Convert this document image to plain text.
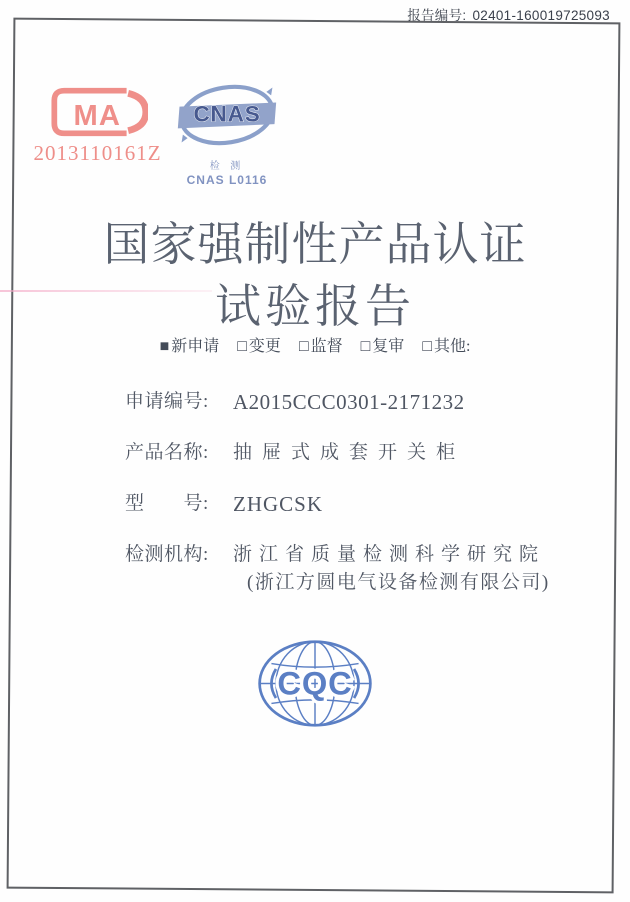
报告编号: 02401-160019725093
MA
2013110161Z
CNAS
检 测
CNAS L0116
国家强制性产品认证
试验报告
■ 新申请 □ 变更 □ 监督 □ 复审 □ 其他:
申请编号:	A2015CCC0301-2171232
产品名称:	抽屉式成套开关柜
型　　号:	ZHGCSK
检测机构:	浙江省质量检测科学研究院
(浙江方圆电气设备检测有限公司)
CQC
